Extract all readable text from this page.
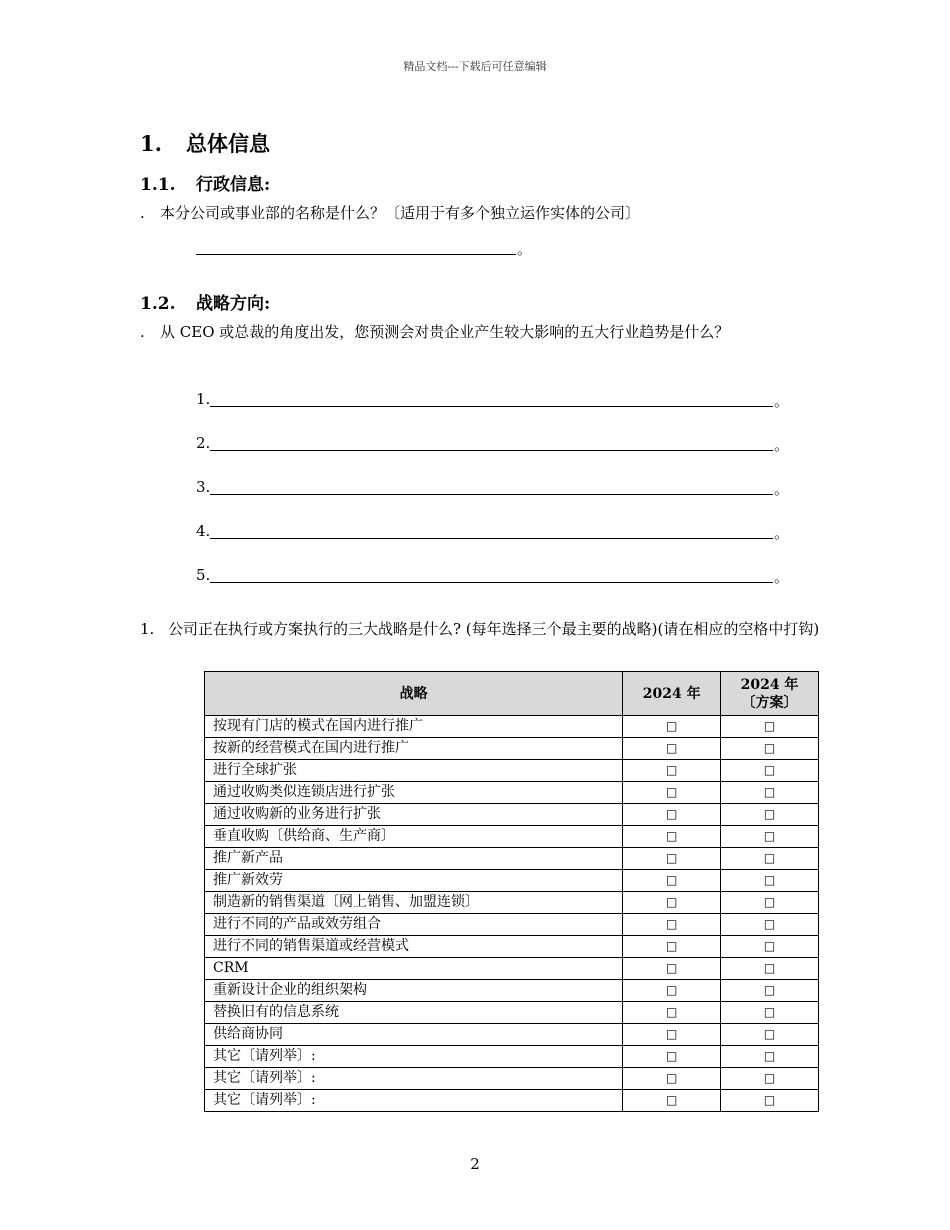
精品文档---下载后可任意编辑
1. 总体信息
1.1. 行政信息:
.	本分公司或事业部的名称是什么？〔适用于有多个独立运作实体的公司〕
。
1.2. 战略方向:
. 从 CEO 或总裁的角度出发，您预测会对贵企业产生较大影响的五大行业趋势是什么？
1.	。
2.	。
3.	。
4.	。
5.	。
1. 公司正在执行或方案执行的三大战略是什么? (每年选择三个最主要的战略)(请在相应的空格中打钩)
战略	2024 年	2024 年〔方案〕

按现有门店的模式在国内进行推广	□	□
按新的经营模式在国内进行推广	□	□
进行全球扩张	□	□
通过收购类似连锁店进行扩张	□	□
通过收购新的业务进行扩张	□	□
垂直收购〔供给商、生产商〕	□	□
推广新产品	□	□
推广新效劳	□	□
制造新的销售渠道〔网上销售、加盟连锁〕	□	□
进行不同的产品或效劳组合	□	□
进行不同的销售渠道或经营模式	□	□
CRM	□	□
重新设计企业的组织架构	□	□
替换旧有的信息系统	□	□
供给商协同	□	□
其它〔请列举〕:	□	□
其它〔请列举〕:	□	□
其它〔请列举〕:	□	□
2
